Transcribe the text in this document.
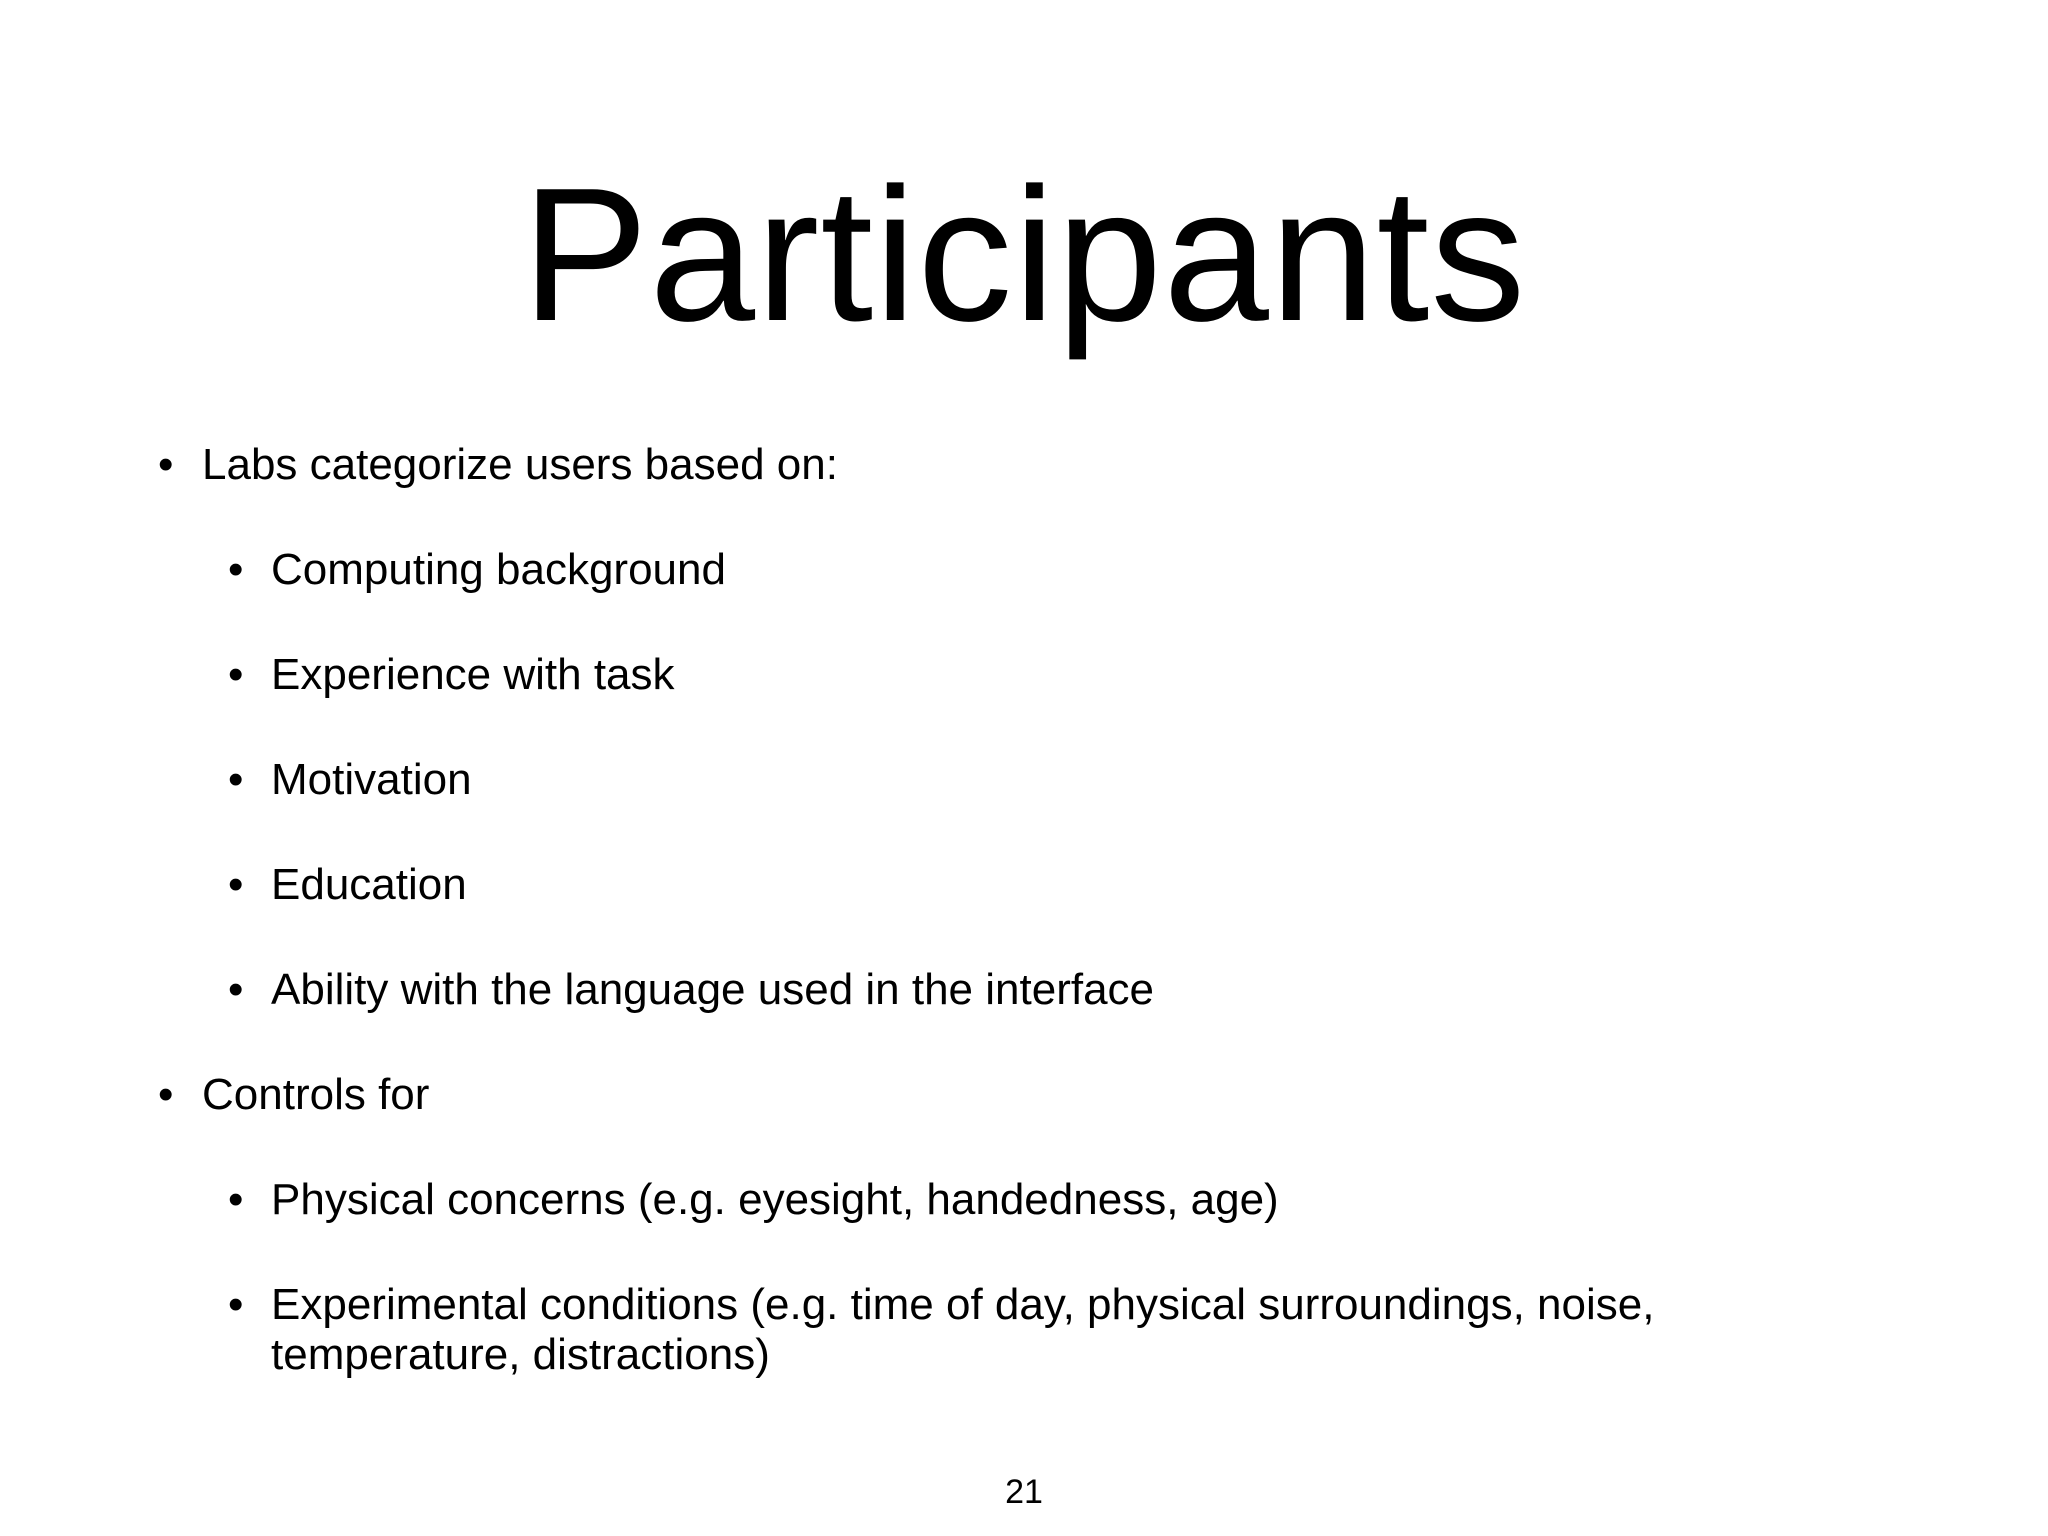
Participants
• Labs categorize users based on:
• Computing background
• Experience with task
• Motivation
• Education
• Ability with the language used in the interface
• Controls for
• Physical concerns (e.g. eyesight, handedness, age)
• Experimental conditions (e.g. time of day, physical surroundings, noise,
temperature, distractions)
21
